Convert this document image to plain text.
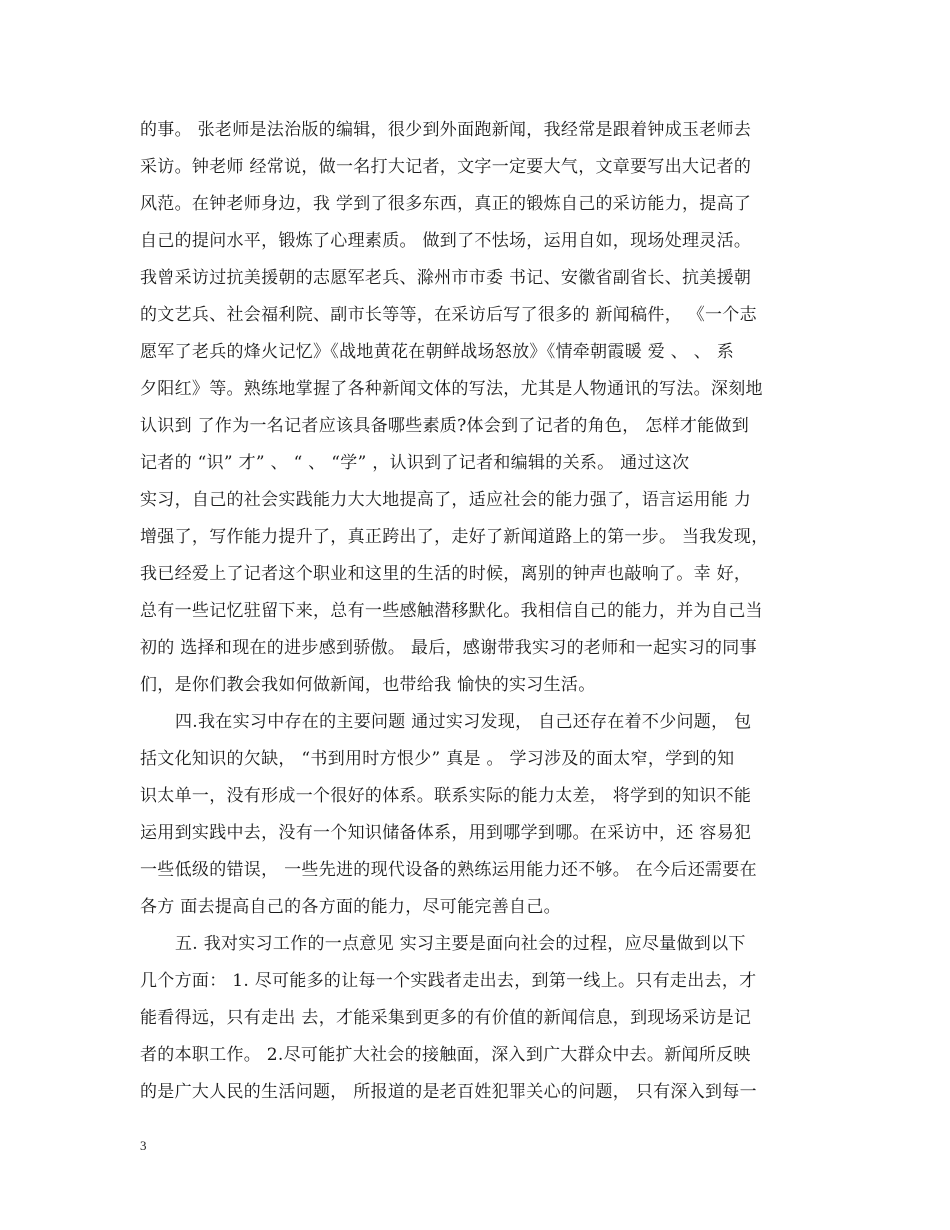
的事。 张老师是法治版的编辑，很少到外面跑新闻，我经常是跟着钟成玉老师去
采访。钟老师 经常说，做一名打大记者，文字一定要大气，文章要写出大记者的
风范。在钟老师身边，我 学到了很多东西，真正的锻炼自己的采访能力，提高了
自己的提问水平，锻炼了心理素质。 做到了不怯场，运用自如，现场处理灵活。
我曾采访过抗美援朝的志愿军老兵、滁州市市委 书记、安徽省副省长、抗美援朝
的文艺兵、社会福利院、副市长等等，在采访后写了很多的 新闻稿件， 《一个志
愿军了老兵的烽火记忆》《战地黄花在朝鲜战场怒放》《情牵朝霞暖 爱 、 、 系
夕阳红》等。熟练地掌握了各种新闻文体的写法，尤其是人物通讯的写法。深刻地
认识到 了作为一名记者应该具备哪些素质?体会到了记者的角色， 怎样才能做到
记者的 “识” 才” 、 “ 、 “学” ，认识到了记者和编辑的关系。 通过这次
实习，自己的社会实践能力大大地提高了，适应社会的能力强了，语言运用能 力
增强了，写作能力提升了，真正跨出了，走好了新闻道路上的第一步。 当我发现，
我已经爱上了记者这个职业和这里的生活的时候，离别的钟声也敲响了。幸 好，
总有一些记忆驻留下来，总有一些感触潜移默化。我相信自己的能力，并为自己当
初的 选择和现在的进步感到骄傲。 最后，感谢带我实习的老师和一起实习的同事
们，是你们教会我如何做新闻，也带给我 愉快的实习生活。
四.我在实习中存在的主要问题 通过实习发现， 自己还存在着不少问题， 包
括文化知识的欠缺， “书到用时方恨少” 真是 。 学习涉及的面太窄，学到的知
识太单一，没有形成一个很好的体系。联系实际的能力太差， 将学到的知识不能
运用到实践中去，没有一个知识储备体系，用到哪学到哪。在采访中，还 容易犯
一些低级的错误， 一些先进的现代设备的熟练运用能力还不够。 在今后还需要在
各方 面去提高自己的各方面的能力，尽可能完善自己。
五. 我对实习工作的一点意见 实习主要是面向社会的过程，应尽量做到以下
几个方面： 1. 尽可能多的让每一个实践者走出去，到第一线上。只有走出去，才
能看得远，只有走出 去，才能采集到更多的有价值的新闻信息，到现场采访是记
者的本职工作。 2.尽可能扩大社会的接触面，深入到广大群众中去。新闻所反映
的是广大人民的生活问题， 所报道的是老百姓犯罪关心的问题， 只有深入到每一
3
